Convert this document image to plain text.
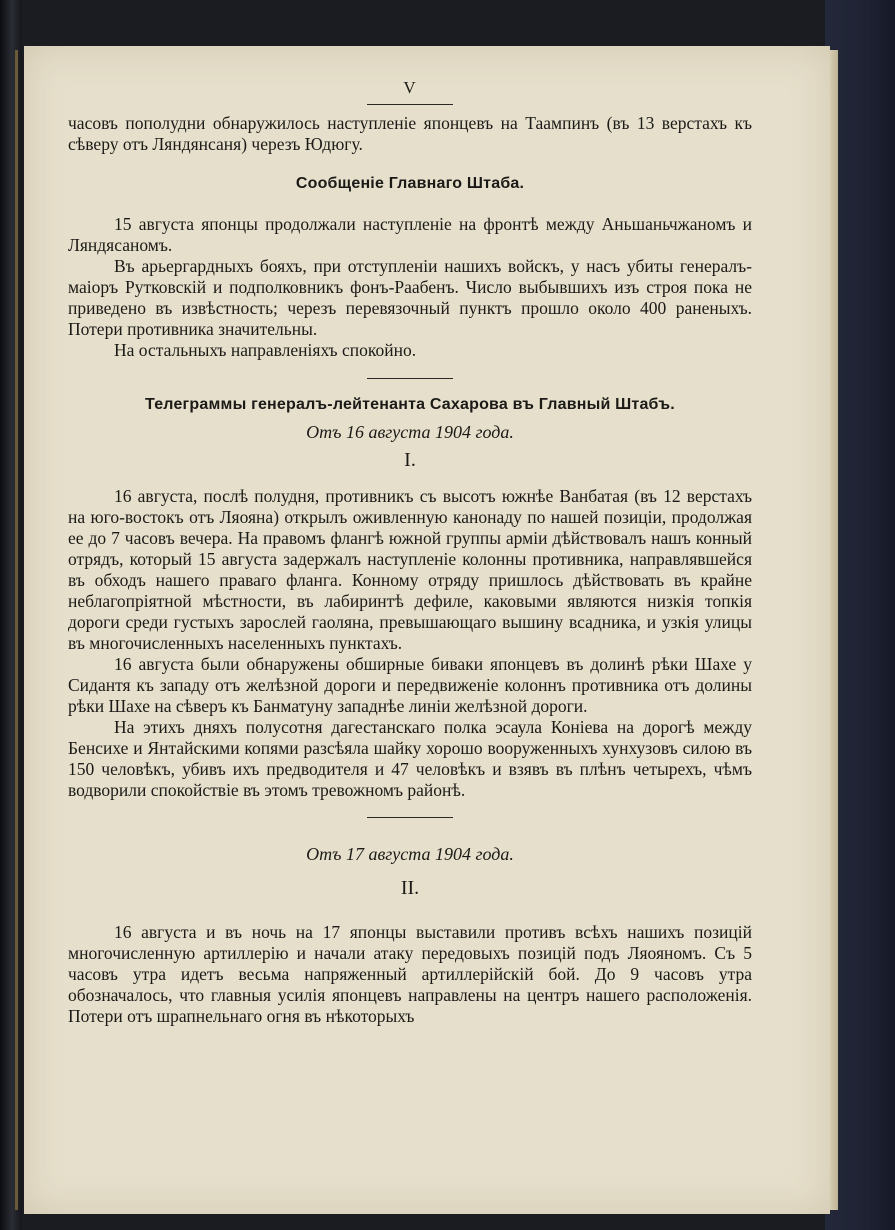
V

часовъ пополудни обнаружилось наступленіе японцевъ на Таампинъ (въ 13 верстахъ къ сѣверу отъ Ляндянсаня) черезъ Юдюгу.

Сообщеніе Главнаго Штаба.

15 августа японцы продолжали наступленіе на фронтѣ между Аньшаньчжаномъ и Ляндясаномъ.

Въ арьергардныхъ бояхъ, при отступленіи нашихъ войскъ, у насъ убиты генералъ-маіоръ Рутковскій и подполковникъ фонъ-Раабенъ. Число выбывшихъ изъ строя пока не приведено въ извѣстность; черезъ перевязочный пунктъ прошло около 400 раненыхъ. Потери противника значительны.

На остальныхъ направленіяхъ спокойно.

Телеграммы генералъ-лейтенанта Сахарова въ Главный Штабъ.

Отъ 16 августа 1904 года.

I.

16 августа, послѣ полудня, противникъ съ высотъ южнѣе Ванбатая (въ 12 верстахъ на юго-востокъ отъ Ляояна) открылъ оживленную канонаду по нашей позиціи, продолжая ее до 7 часовъ вечера. На правомъ флангѣ южной группы арміи дѣйствовалъ нашъ конный отрядъ, который 15 августа задержалъ наступленіе колонны противника, направлявшейся въ обходъ нашего праваго фланга. Конному отряду пришлось дѣйствовать въ крайне неблагопріятной мѣстности, въ лабиринтѣ дефиле, каковыми являются низкія топкія дороги среди густыхъ зарослей гаоляна, превышающаго вышину всадника, и узкія улицы въ многочисленныхъ населенныхъ пунктахъ.

16 августа были обнаружены обширные биваки японцевъ въ долинѣ рѣки Шахе у Сидантя къ западу отъ желѣзной дороги и передвиженіе колоннъ противника отъ долины рѣки Шахе на сѣверъ къ Банматуну западнѣе линіи желѣзной дороги.

На этихъ дняхъ полусотня дагестанскаго полка эсаула Коніева на дорогѣ между Бенсихе и Янтайскими копями разсѣяла шайку хорошо вооруженныхъ хунхузовъ силою въ 150 человѣкъ, убивъ ихъ предводителя и 47 человѣкъ и взявъ въ плѣнъ четырехъ, чѣмъ водворили спокойствіе въ этомъ тревожномъ районѣ.

Отъ 17 августа 1904 года.

II.

16 августа и въ ночь на 17 японцы выставили противъ всѣхъ нашихъ позицій многочисленную артиллерію и начали атаку передовыхъ позицій подъ Ляояномъ. Съ 5 часовъ утра идетъ весьма напряженный артиллерійскій бой. До 9 часовъ утра обозначалось, что главныя усилія японцевъ направлены на центръ нашего расположенія. Потери отъ шрапнельнаго огня въ нѣкоторыхъ
